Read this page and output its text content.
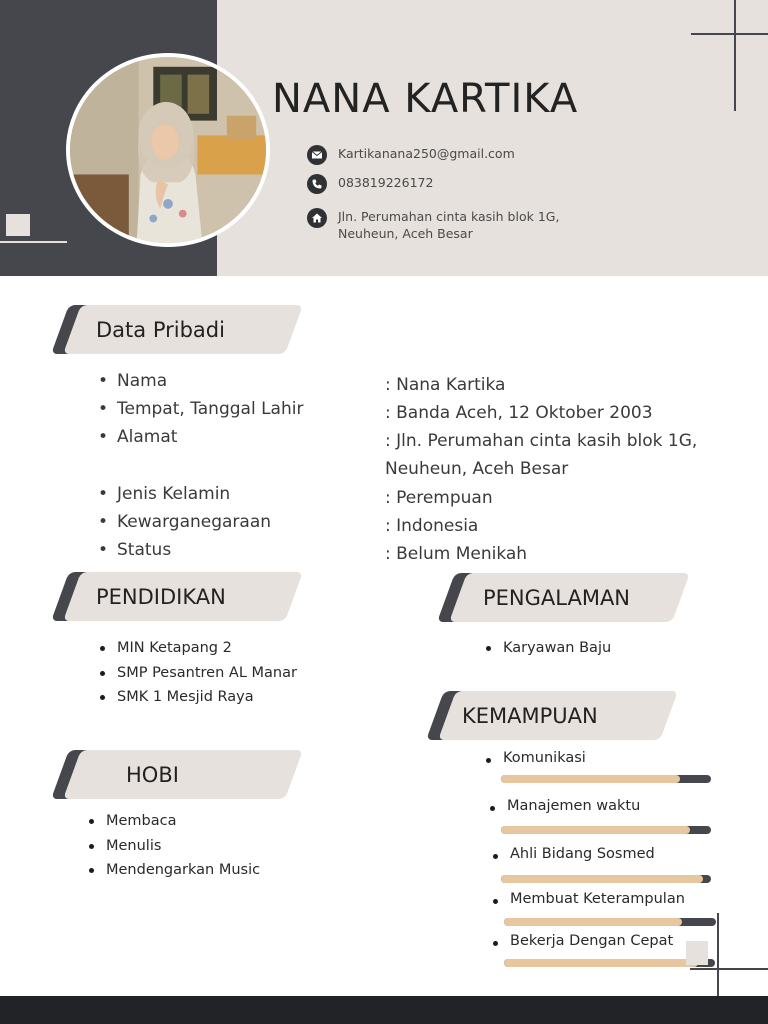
NANA KARTIKA
Kartikanana250@gmail.com
083819226172
Jln. Perumahan cinta kasih blok 1G,
Neuheun, Aceh Besar
Data Pribadi
• Nama	: Nana Kartika
• Tempat, Tanggal Lahir	: Banda Aceh, 12 Oktober 2003
• Alamat	: Jln. Perumahan cinta kasih blok 1G, Neuheun, Aceh Besar
• Jenis Kelamin	: Perempuan
• Kewarganegaraan	: Indonesia
• Status	: Belum Menikah
PENDIDIKAN
MIN Ketapang 2
SMP Pesantren AL Manar
SMK 1 Mesjid Raya
PENGALAMAN
Karyawan Baju
HOBI
Membaca
Menulis
Mendengarkan Music
KEMAMPUAN
Komunikasi
Manajemen waktu
Ahli Bidang Sosmed
Membuat Keterampulan
Bekerja Dengan Cepat
